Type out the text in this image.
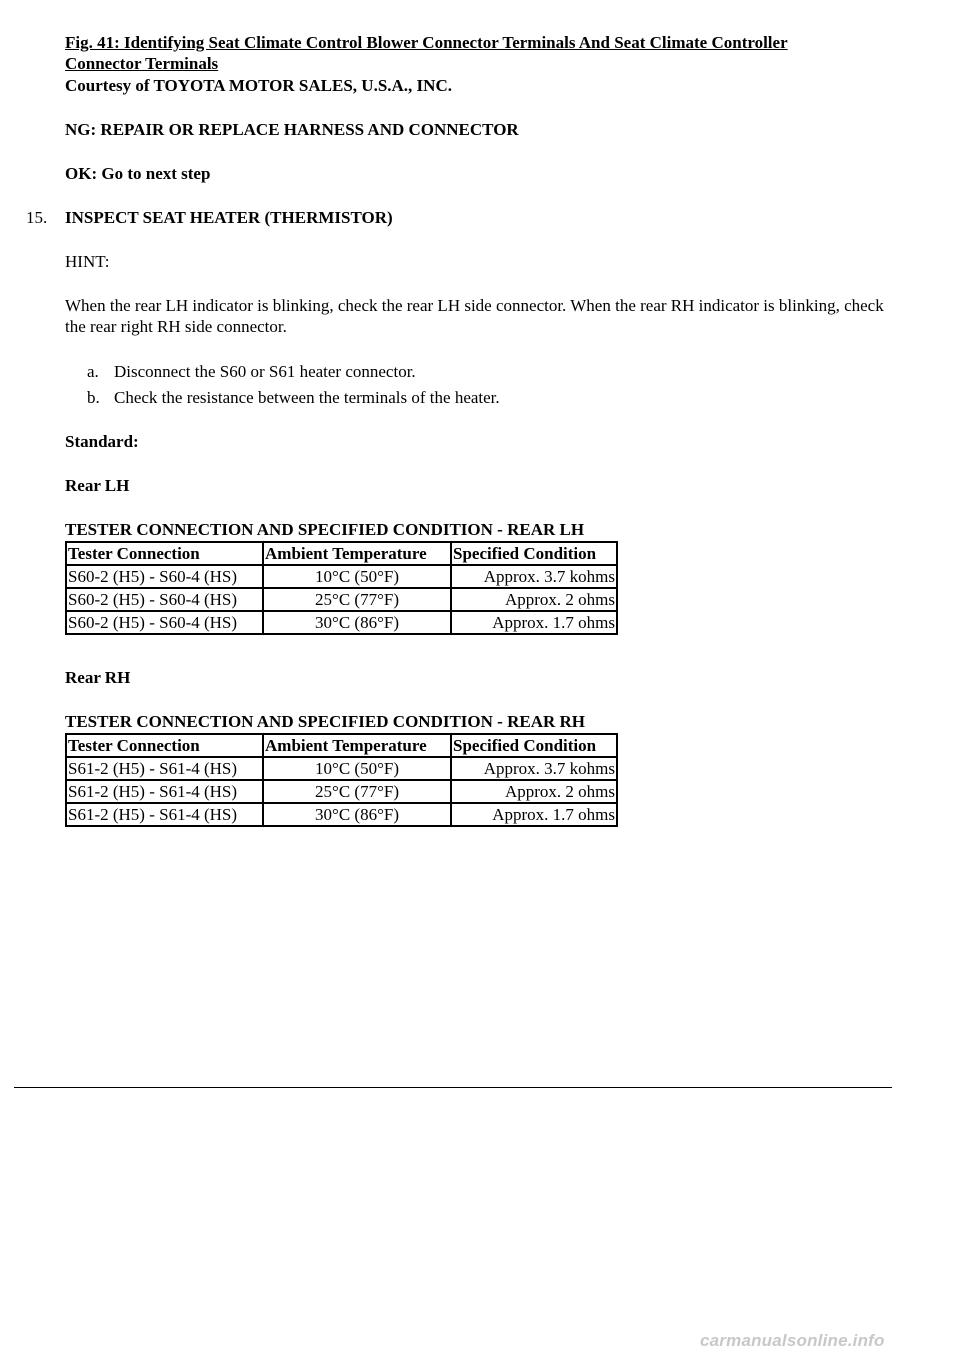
Fig. 41: Identifying Seat Climate Control Blower Connector Terminals And Seat Climate Controller Connector Terminals
Courtesy of TOYOTA MOTOR SALES, U.S.A., INC.
NG: REPAIR OR REPLACE HARNESS AND CONNECTOR
OK: Go to next step
15. INSPECT SEAT HEATER (THERMISTOR)
HINT:
When the rear LH indicator is blinking, check the rear LH side connector. When the rear RH indicator is blinking, check the rear right RH side connector.
a. Disconnect the S60 or S61 heater connector.
b. Check the resistance between the terminals of the heater.
Standard:
Rear LH
TESTER CONNECTION AND SPECIFIED CONDITION - REAR LH
Tester Connection	Ambient Temperature	Specified Condition
S60-2 (H5) - S60-4 (HS)	10°C (50°F)	Approx. 3.7 kohms
S60-2 (H5) - S60-4 (HS)	25°C (77°F)	Approx. 2 ohms
S60-2 (H5) - S60-4 (HS)	30°C (86°F)	Approx. 1.7 ohms
Rear RH
TESTER CONNECTION AND SPECIFIED CONDITION - REAR RH
Tester Connection	Ambient Temperature	Specified Condition
S61-2 (H5) - S61-4 (HS)	10°C (50°F)	Approx. 3.7 kohms
S61-2 (H5) - S61-4 (HS)	25°C (77°F)	Approx. 2 ohms
S61-2 (H5) - S61-4 (HS)	30°C (86°F)	Approx. 1.7 ohms
carmanualsonline.info
